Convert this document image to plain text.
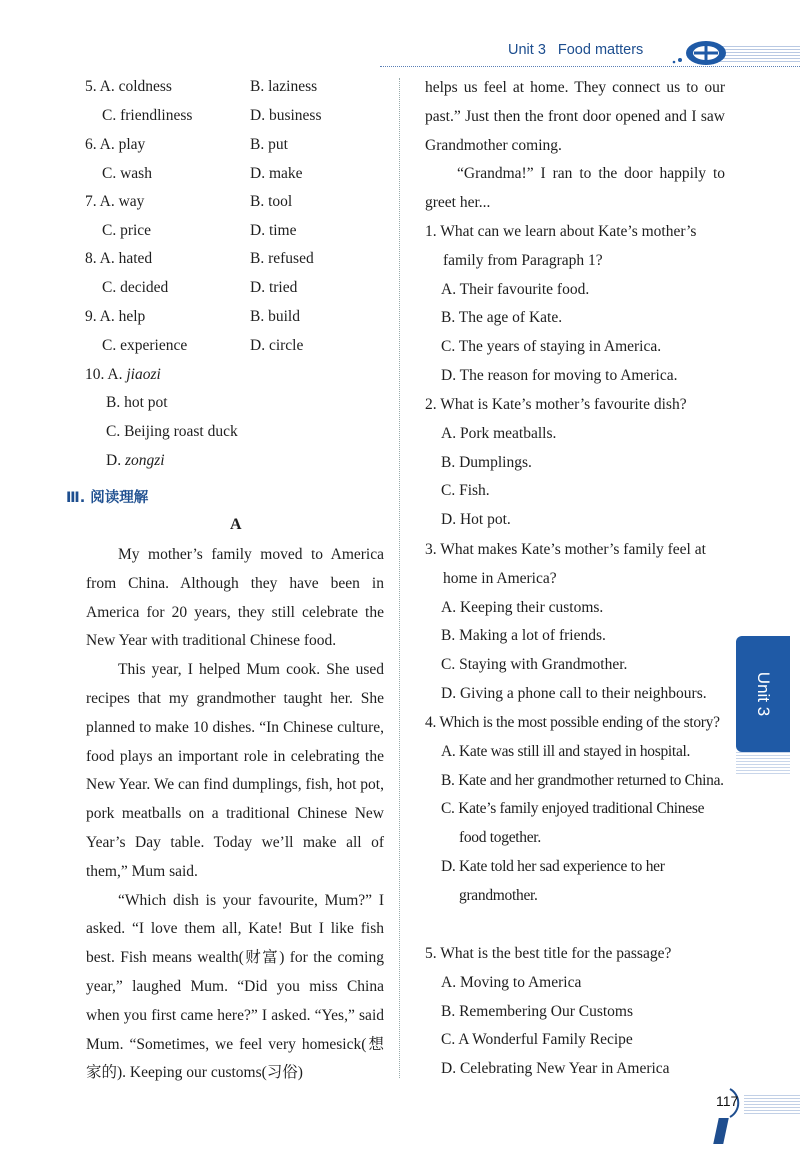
Unit 3 Food matters
5. A. coldness	B. laziness
C. friendliness	D. business
6. A. play	B. put
C. wash	D. make
7. A. way	B. tool
C. price	D. time
8. A. hated	B. refused
C. decided	D. tried
9. A. help	B. build
C. experience	D. circle
10. A. jiaozi
B. hot pot
C. Beijing roast duck
D. zongzi
Ⅲ. 阅读理解
A

My mother’s family moved to America from China. Although they have been in America for 20 years, they still celebrate the New Year with traditional Chinese food.

This year, I helped Mum cook. She used recipes that my grandmother taught her. She planned to make 10 dishes. “In Chinese culture, food plays an important role in celebrating the New Year. We can find dumplings, fish, hot pot, pork meatballs on a traditional Chinese New Year’s Day table. Today we’ll make all of them,” Mum said.

“Which dish is your favourite, Mum?” I asked. “I love them all, Kate! But I like fish best. Fish means wealth(财富) for the coming year,” laughed Mum. “Did you miss China when you first came here?” I asked. “Yes,” said Mum. “Sometimes, we feel very homesick(想家的). Keeping our customs(习俗)

helps us feel at home. They connect us to our past.” Just then the front door opened and I saw Grandmother coming.

“Grandma!” I ran to the door happily to greet her...

1. What can we learn about Kate’s mother’s family from Paragraph 1?
A. Their favourite food.
B. The age of Kate.
C. The years of staying in America.
D. The reason for moving to America.
2. What is Kate’s mother’s favourite dish?
A. Pork meatballs.
B. Dumplings.
C. Fish.
D. Hot pot.
3. What makes Kate’s mother’s family feel at home in America?
A. Keeping their customs.
B. Making a lot of friends.
C. Staying with Grandmother.
D. Giving a phone call to their neighbours.
4. Which is the most possible ending of the story?
A. Kate was still ill and stayed in hospital.
B. Kate and her grandmother returned to China.
C. Kate’s family enjoyed traditional Chinese food together.
D. Kate told her sad experience to her grandmother.
5. What is the best title for the passage?
A. Moving to America
B. Remembering Our Customs
C. A Wonderful Family Recipe
D. Celebrating New Year in America
Unit 3
117
